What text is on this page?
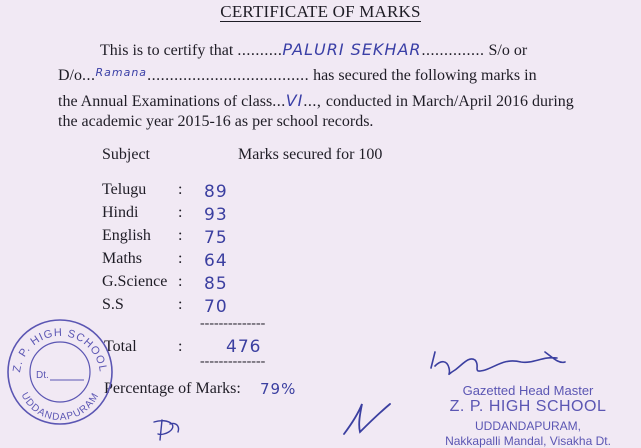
CERTIFICATE OF MARKS
This is to certify that ..........PALURI SEKHAR.............. S/o or
D/o...$^{Ramana}$.................................... has secured the following marks in
the Annual Examinations of class...VI..., conducted in March/April 2016 during
the academic year 2015-16 as per school records.
Subject	Marks secured for 100
Telugu : 89
Hindi : 93
English : 75
Maths : 64
G.Science : 85
S.S	: 70
--------------
Total	:	476
--------------
Percentage of Marks: 79%
Z. P. HIGH SCHOOL
UDDANDAPURAM
Dt.
Gazetted Head Master
Z. P. HIGH SCHOOL
UDDANDAPURAM,
Nakkapalli Mandal, Visakha Dt.
